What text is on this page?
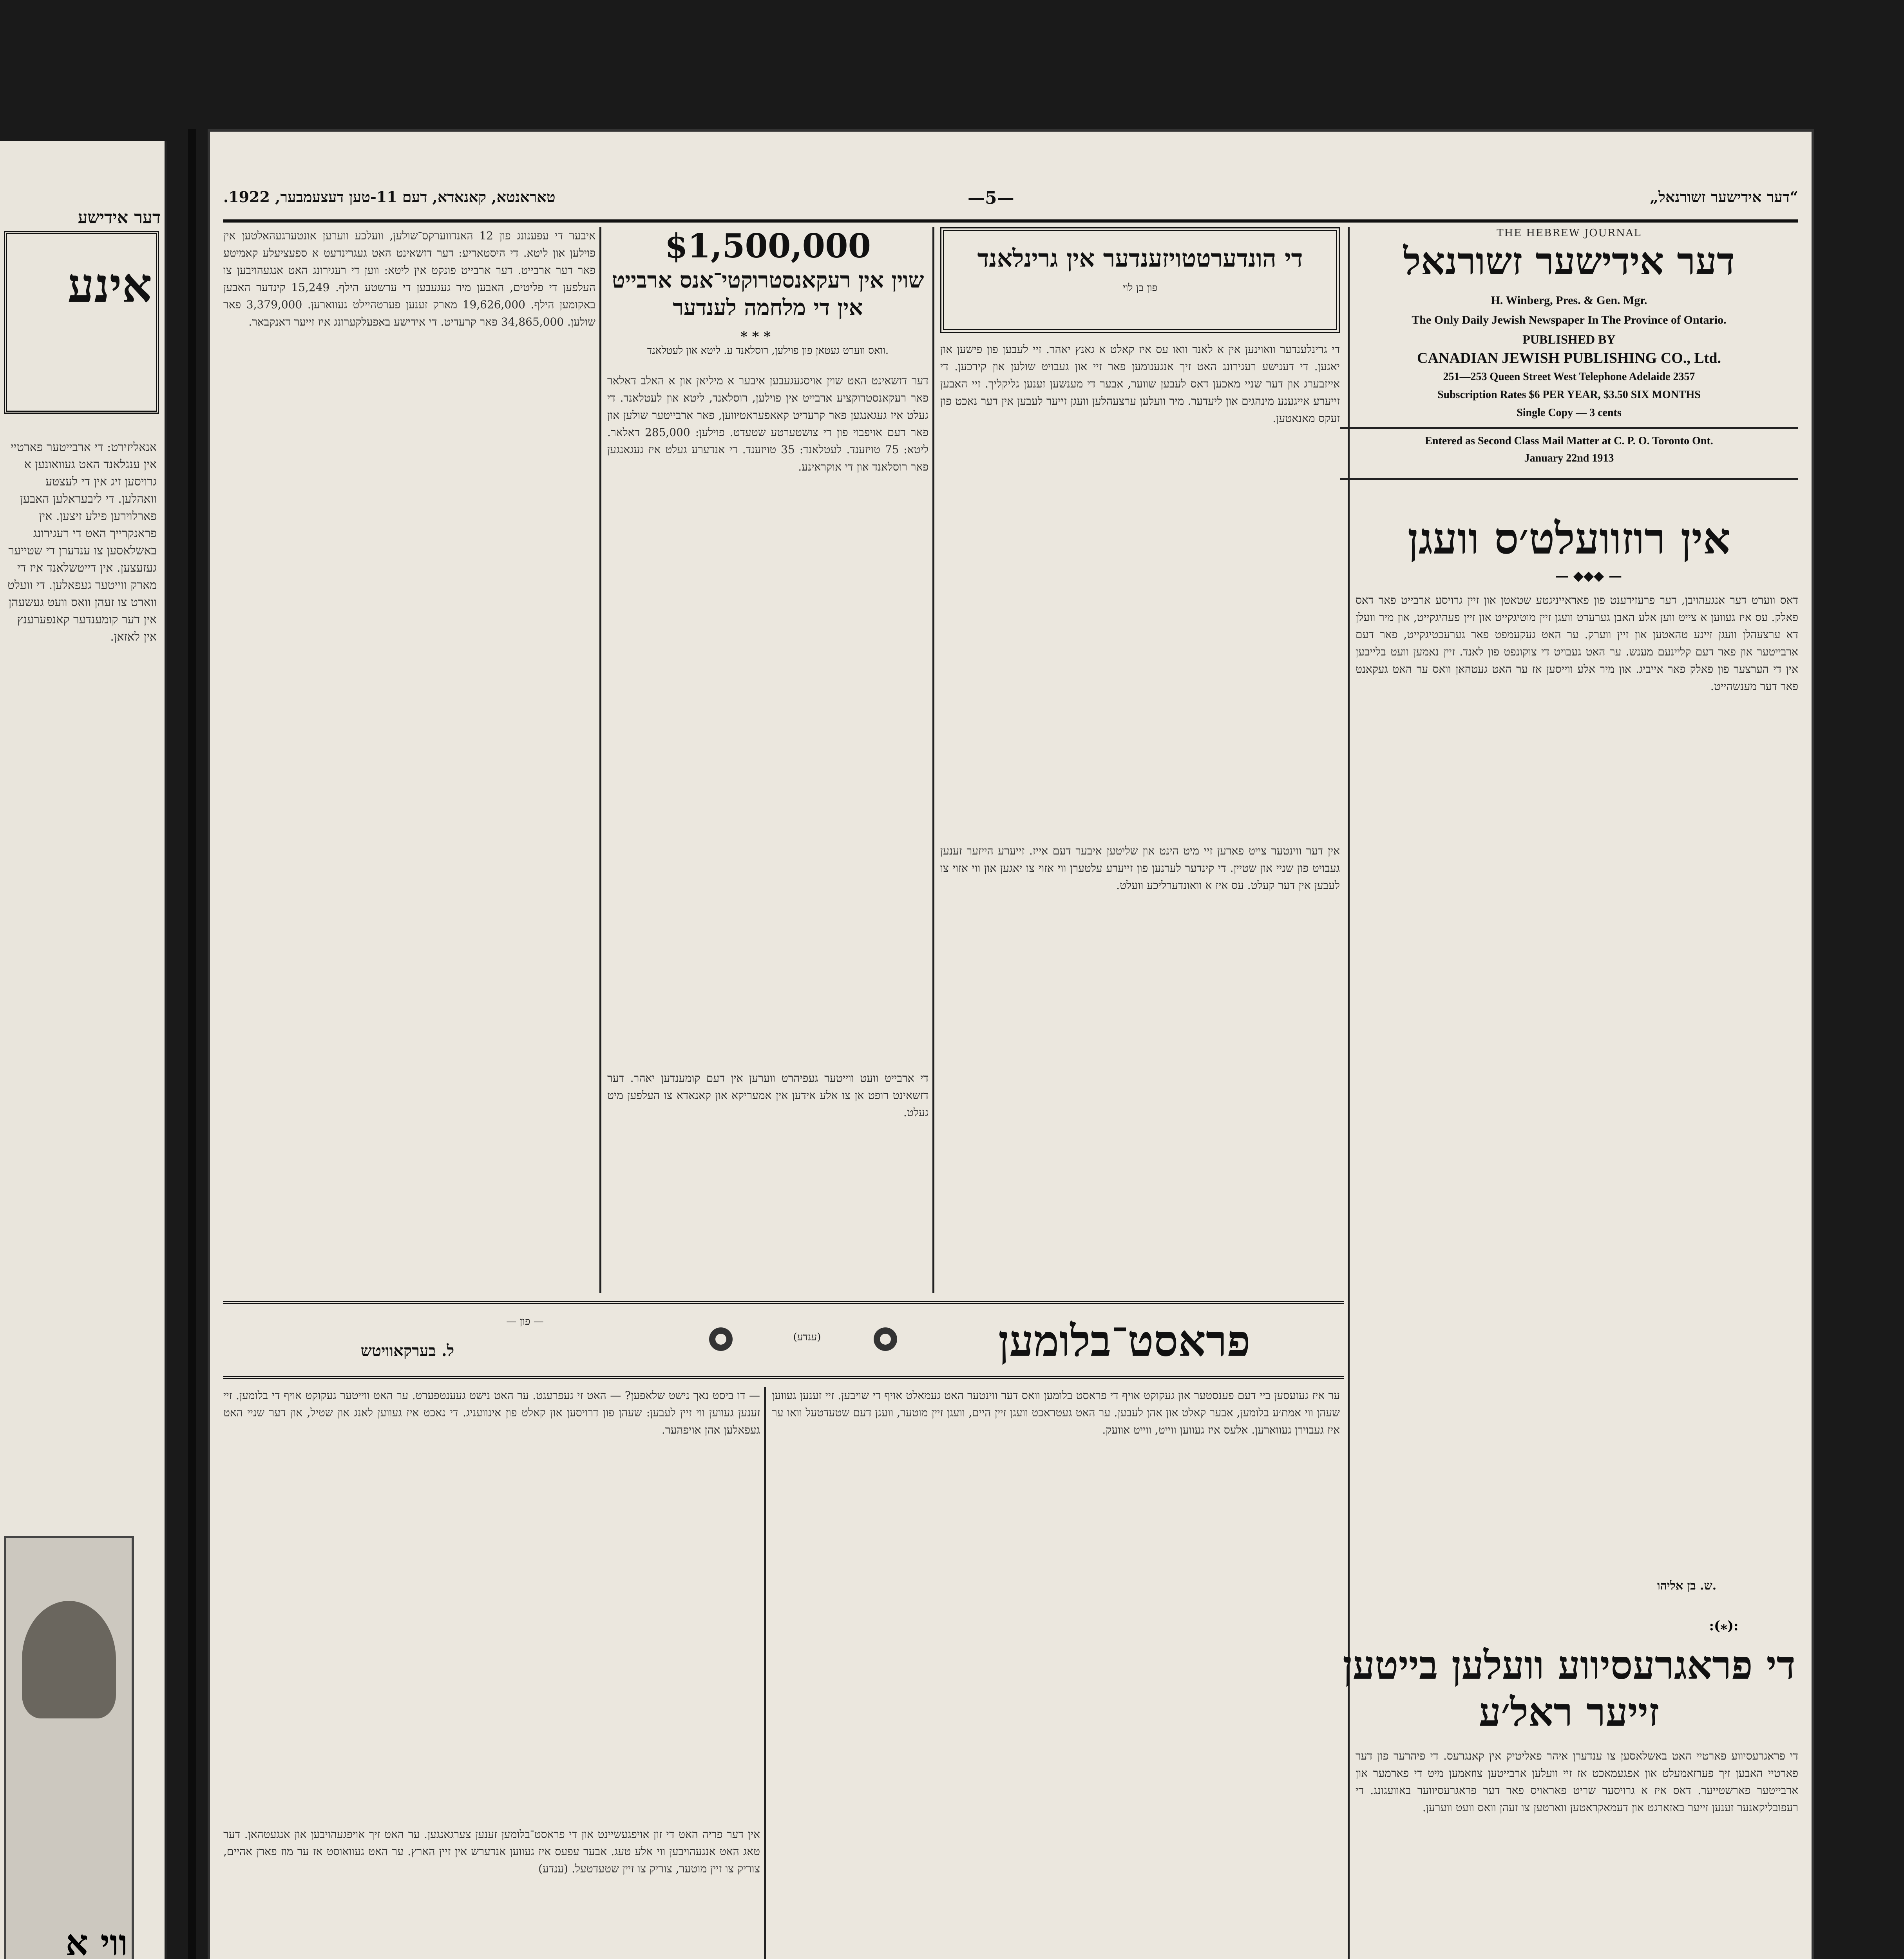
דער אידישע
אינע
אנאליזירט: די ארבייטער פארטיי אין ענגלאנד האט געוואונען א גרויסען זיג אין די לעצטע וואהלען. די ליבעראלען האבען פארלוירען פילע זיצען. אין פראנקרייך האט די רעגירונג באשלאסען צו ענדערן די שטייער געזעצען. אין דייטשלאנד איז די מארק ווייטער געפאלען. די וועלט ווארט צו זעהן וואס וועט געשעהן אין דער קומענדער קאנפערענץ אין לאזאן.
ווי א
„דער אידישער זשורנאל“
—5—
טאראנטא, קאנאדא, דעם 11-טען דעצעמבער, 1922.
THE HEBREW JOURNAL
דער אידישער זשורנאל
H. Winberg, Pres. & Gen. Mgr.
The Only Daily Jewish Newspaper In The Province of Ontario.
PUBLISHED BY
CANADIAN JEWISH PUBLISHING CO., Ltd.
251—253 Queen Street West Telephone Adelaide 2357
Subscription Rates $6 PER YEAR, $3.50 SIX MONTHS
Single Copy — 3 cents
Entered as Second Class Mail Matter at C. P. O. Toronto Ont.
January 22nd 1913
אין רוזוועלט׳ס וועגן
— ◆◆◆ —
דאס ווערט דער אנגעהויבן, דער פרעזידענט פון פאראייניגטע שטאטן און זיין גרויסע ארבייט פאר דאס פאלק. עס איז געווען א צייט ווען אלע האבן גערעדט וועגן זיין מוטיגקייט און זיין פעהיגקייט, און מיר וועלן דא ערצעהלן וועגן זיינע טהאטען און זיין ווערק. ער האט געקעמפט פאר גערעכטיגקייט, פאר דעם ארבייטער און פאר דעם קליינעם מענש. ער האט געבויט די צוקונפט פון לאנד. זיין נאמען וועט בלייבען אין די הערצער פון פאלק פאר אייביג. און מיר אלע ווייסען אז ער האט געטהאן וואס ער האט געקאנט פאר דער מענשהייט.
ש. בן אליהו.
:(⁎):
די פראגרעסיווע וועלען בייטען זייער ראל׳ע
די פראגרעסיווע פארטיי האט באשלאסען צו ענדערן איהר פאליטיק אין קאנגרעס. די פיהרער פון דער פארטיי האבען זיך פערזאמעלט און אפגעמאכט אז זיי וועלען ארבייטען צוזאמען מיט די פארמער און ארבייטער פארשטייער. דאס איז א גרויסער שריט פאראויס פאר דער פראגרעסיווער באוועגונג. די רעפובליקאנער זענען זייער באזארגט און דעמאקראטען ווארטען צו זעהן וואס וועט ווערען.
די הונדערטטויזענדער אין גרינלאנד
פון בן לוי
די גרינלענדער וואוינען אין א לאנד וואו עס איז קאלט א גאנץ יאהר. זיי לעבען פון פישען און יאגען. די דענישע רעגירונג האט זיך אנגענומען פאר זיי און געבויט שולען און קירכען. די אייזבערג און דער שניי מאכען דאס לעבען שווער, אבער די מענשען זענען גליקליך. זיי האבען זייערע אייגענע מינהגים און ליעדער. מיר וועלען ערצעהלען וועגן זייער לעבען אין דער נאכט פון זעקס מאנאטען.
אין דער ווינטער צייט פארען זיי מיט הינט און שליטען איבער דעם אייז. זייערע הייזער זענען געבויט פון שניי און שטיין. די קינדער לערנען פון זייערע עלטערן ווי אזוי צו יאגען און ווי אזוי צו לעבען אין דער קעלט. עס איז א וואונדערליכע וועלט.
$1,500,000
שוין אין רעקאנסטרוקטי־אנס ארבייט אין די מלחמה לענדער
⁎ ⁎ ⁎
וואס ווערט געטאן פון פוילען, רוסלאנד ע. ליטא און לעטלאנד.
דער דזשאינט האט שוין אויסגעגעבען איבער א מיליאן און א האלב דאלאר פאר רעקאנסטרוקציע ארבייט אין פוילען, רוסלאנד, ליטא און לעטלאנד. די געלט איז געגאנגען פאר קרעדיט קאאפעראטיווען, פאר ארבייטער שולען און פאר דעם אויפבוי פון די צושטערטע שטעדט. פוילען: 285,000 דאלאר. ליטא: 75 טויזענד. לעטלאנד: 35 טויזענד. די אנדערע געלט איז געגאנגען פאר רוסלאנד און די אוקראינע.
די ארבייט וועט ווייטער געפיהרט ווערען אין דעם קומענדען יאהר. דער דזשאינט רופט אן צו אלע אידען אין אמעריקא און קאנאדא צו העלפען מיט געלט.
איבער די עפענונג פון 12 האנדווערקס־שולען, וועלכע ווערען אונטערגעהאלטען אין פוילען און ליטא. די היסטאריע: דער דזשאינט האט געגרינדעט א ספעציעלע קאמיטע פאר דער ארבייט. דער ארבייט פונקט אין ליטא: ווען די רעגירונג האט אנגעהויבען צו העלפען די פליטים, האבען מיר געגעבען די ערשטע הילף. 15,249 קינדער האבען באקומען הילף. 19,626,000 מארק זענען פערטהיילט געווארען. 3,379,000 פאר שולען. 34,865,000 פאר קרעדיט. די אידישע באפעלקערונג איז זייער דאנקבאר.
פראסט־בלומען
(ענדע)
— פון —
ל. בערקאוויטש
ער איז געזעסען ביי דעם פענסטער און געקוקט אויף די פראסט בלומען וואס דער ווינטער האט געמאלט אויף די שויבען. זיי זענען געווען שעהן ווי אמת׳ע בלומען, אבער קאלט און אהן לעבען. ער האט געטראכט וועגן זיין היים, וועגן זיין מוטער, וועגן דעם שטעדטעל וואו ער איז געבוירן געווארען. אלעס איז געווען ווייט, ווייט אוועק.
— דו ביסט נאך נישט שלאפען? — האט זי געפרעגט. ער האט נישט געענטפערט. ער האט ווייטער געקוקט אויף די בלומען. זיי זענען געווען ווי זיין לעבען: שעהן פון דרויסען און קאלט פון אינוועניג. די נאכט איז געווען לאנג און שטיל, און דער שניי האט געפאלען אהן אויפהער.
אין דער פריה האט די זון אויפגעשיינט און די פראסט־בלומען זענען צערגאנגען. ער האט זיך אויפגעהויבען און אנגעטהאן. דער טאג האט אנגעהויבען ווי אלע טעג. אבער עפעס איז געווען אנדערש אין זיין הארץ. ער האט געוואוסט אז ער מוז פארן אהיים, צוריק צו זיין מוטער, צוריק צו זיין שטעדטעל. (ענדע)
